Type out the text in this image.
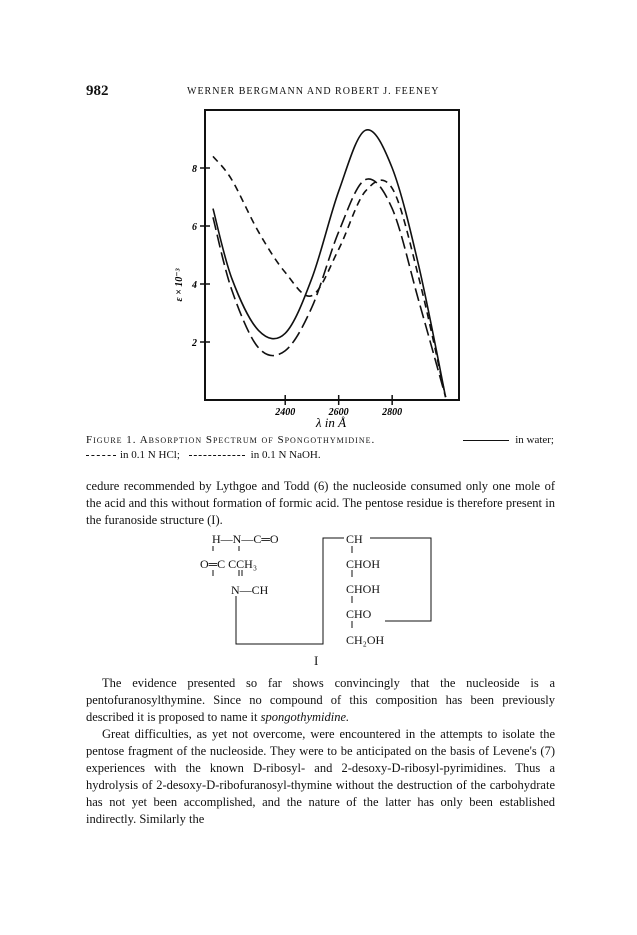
982	WERNER BERGMANN AND ROBERT J. FEENEY
2
4
6
8
2400	2600	2800
ε × 10⁻³
λ in Å
Figure 1. Absorption Spectrum of Spongothymidine.	in water;
in 0.1 N HCl;	in 0.1 N NaOH.

cedure recommended by Lythgoe and Todd (6) the nucleoside consumed only one mole of the acid and this without formation of formic acid. The pentose residue is therefore present in the furanoside structure (I).

H—N—C═O
O═C CCH₃
N—CH
CH
CHOH
CHOH
CHO
CH₂OH
I

The evidence presented so far shows convincingly that the nucleoside is a pentofuranosylthymine. Since no compound of this composition has been previously described it is proposed to name it spongothymidine.

Great difficulties, as yet not overcome, were encountered in the attempts to isolate the pentose fragment of the nucleoside. They were to be anticipated on the basis of Levene's (7) experiences with the known D-ribosyl- and 2-desoxy-D-ribosyl-pyrimidines. Thus a hydrolysis of 2-desoxy-D-ribofuranosyl-thymine without the destruction of the carbohydrate has not yet been accomplished, and the nature of the latter has only been established indirectly. Similarly the
